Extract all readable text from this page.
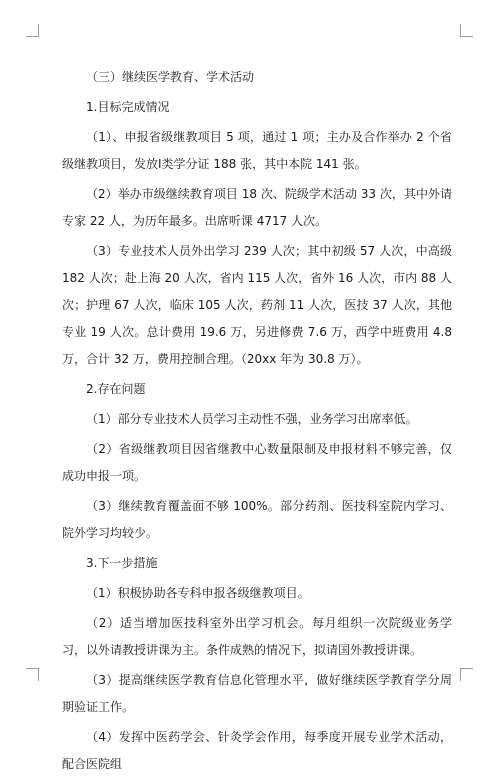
（三）继续医学教育、学术活动

1.目标完成情况

（1）、申报省级继教项目 5 项，通过 1 项；主办及合作举办 2 个省级继教项目，发放Ⅰ类学分证 188 张，其中本院 141 张。

（2）举办市级继续教育项目 18 次、院级学术活动 33 次，其中外请专家 22 人，为历年最多。出席听课 4717 人次。

（3）专业技术人员外出学习 239 人次；其中初级 57 人次，中高级 182 人次；赴上海 20 人次，省内 115 人次，省外 16 人次，市内 88 人次；护理 67 人次，临床 105 人次，药剂 11 人次，医技 37 人次，其他专业 19 人次。总计费用 19.6 万，另进修费 7.6 万，西学中班费用 4.8 万，合计 32 万，费用控制合理。（20xx 年为 30.8 万）。

2.存在问题

（1）部分专业技术人员学习主动性不强，业务学习出席率低。

（2）省级继教项目因省继教中心数量限制及申报材料不够完善，仅成功申报一项。

（3）继续教育覆盖面不够 100%。部分药剂、医技科室院内学习、院外学习均较少。

3.下一步措施

（1）积极协助各专科申报各级继教项目。

（2）适当增加医技科室外出学习机会。每月组织一次院级业务学习，以外请教授讲课为主。条件成熟的情况下，拟请国外教授讲课。

（3）提高继续医学教育信息化管理水平，做好继续医学教育学分周期验证工作。

（4）发挥中医药学会、针灸学会作用，每季度开展专业学术活动，配合医院组
